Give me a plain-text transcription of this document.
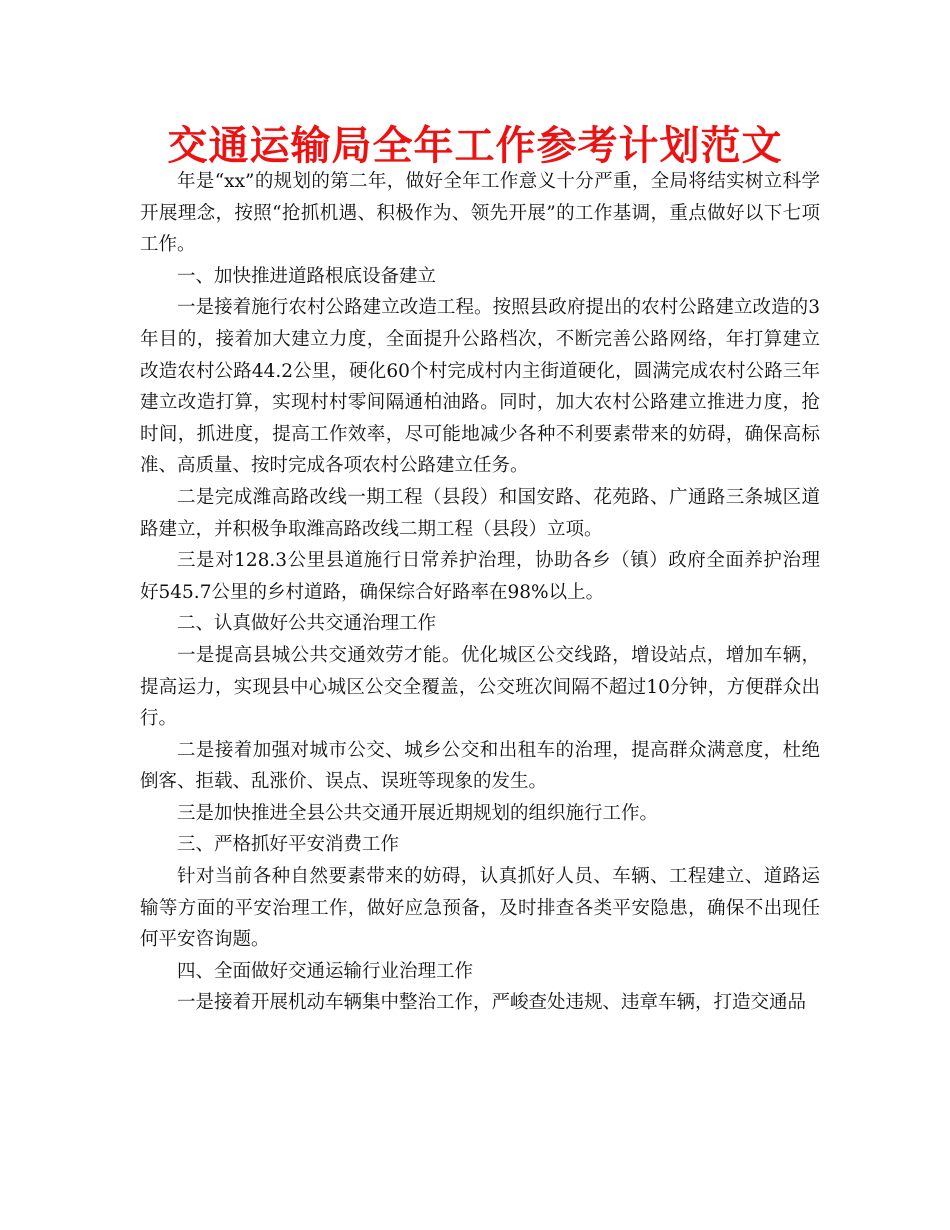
交通运输局全年工作参考计划范文

年是“xx”的规划的第二年，做好全年工作意义十分严重，全局将结实树立科学开展理念，按照“抢抓机遇、积极作为、领先开展”的工作基调，重点做好以下七项工作。

一、加快推进道路根底设备建立

一是接着施行农村公路建立改造工程。按照县政府提出的农村公路建立改造的3年目的，接着加大建立力度，全面提升公路档次，不断完善公路网络，年打算建立改造农村公路44.2公里，硬化60个村完成村内主街道硬化，圆满完成农村公路三年建立改造打算，实现村村零间隔通柏油路。同时，加大农村公路建立推进力度，抢时间，抓进度，提高工作效率，尽可能地减少各种不利要素带来的妨碍，确保高标准、高质量、按时完成各项农村公路建立任务。

二是完成潍高路改线一期工程（县段）和国安路、花苑路、广通路三条城区道路建立，并积极争取潍高路改线二期工程（县段）立项。

三是对128.3公里县道施行日常养护治理，协助各乡（镇）政府全面养护治理好545.7公里的乡村道路，确保综合好路率在98%以上。

二、认真做好公共交通治理工作

一是提高县城公共交通效劳才能。优化城区公交线路，增设站点，增加车辆，提高运力，实现县中心城区公交全覆盖，公交班次间隔不超过10分钟，方便群众出行。

二是接着加强对城市公交、城乡公交和出租车的治理，提高群众满意度，杜绝倒客、拒载、乱涨价、误点、误班等现象的发生。

三是加快推进全县公共交通开展近期规划的组织施行工作。

三、严格抓好平安消费工作

针对当前各种自然要素带来的妨碍，认真抓好人员、车辆、工程建立、道路运输等方面的平安治理工作，做好应急预备，及时排查各类平安隐患，确保不出现任何平安咨询题。

四、全面做好交通运输行业治理工作

一是接着开展机动车辆集中整治工作，严峻查处违规、违章车辆，打造交通品
